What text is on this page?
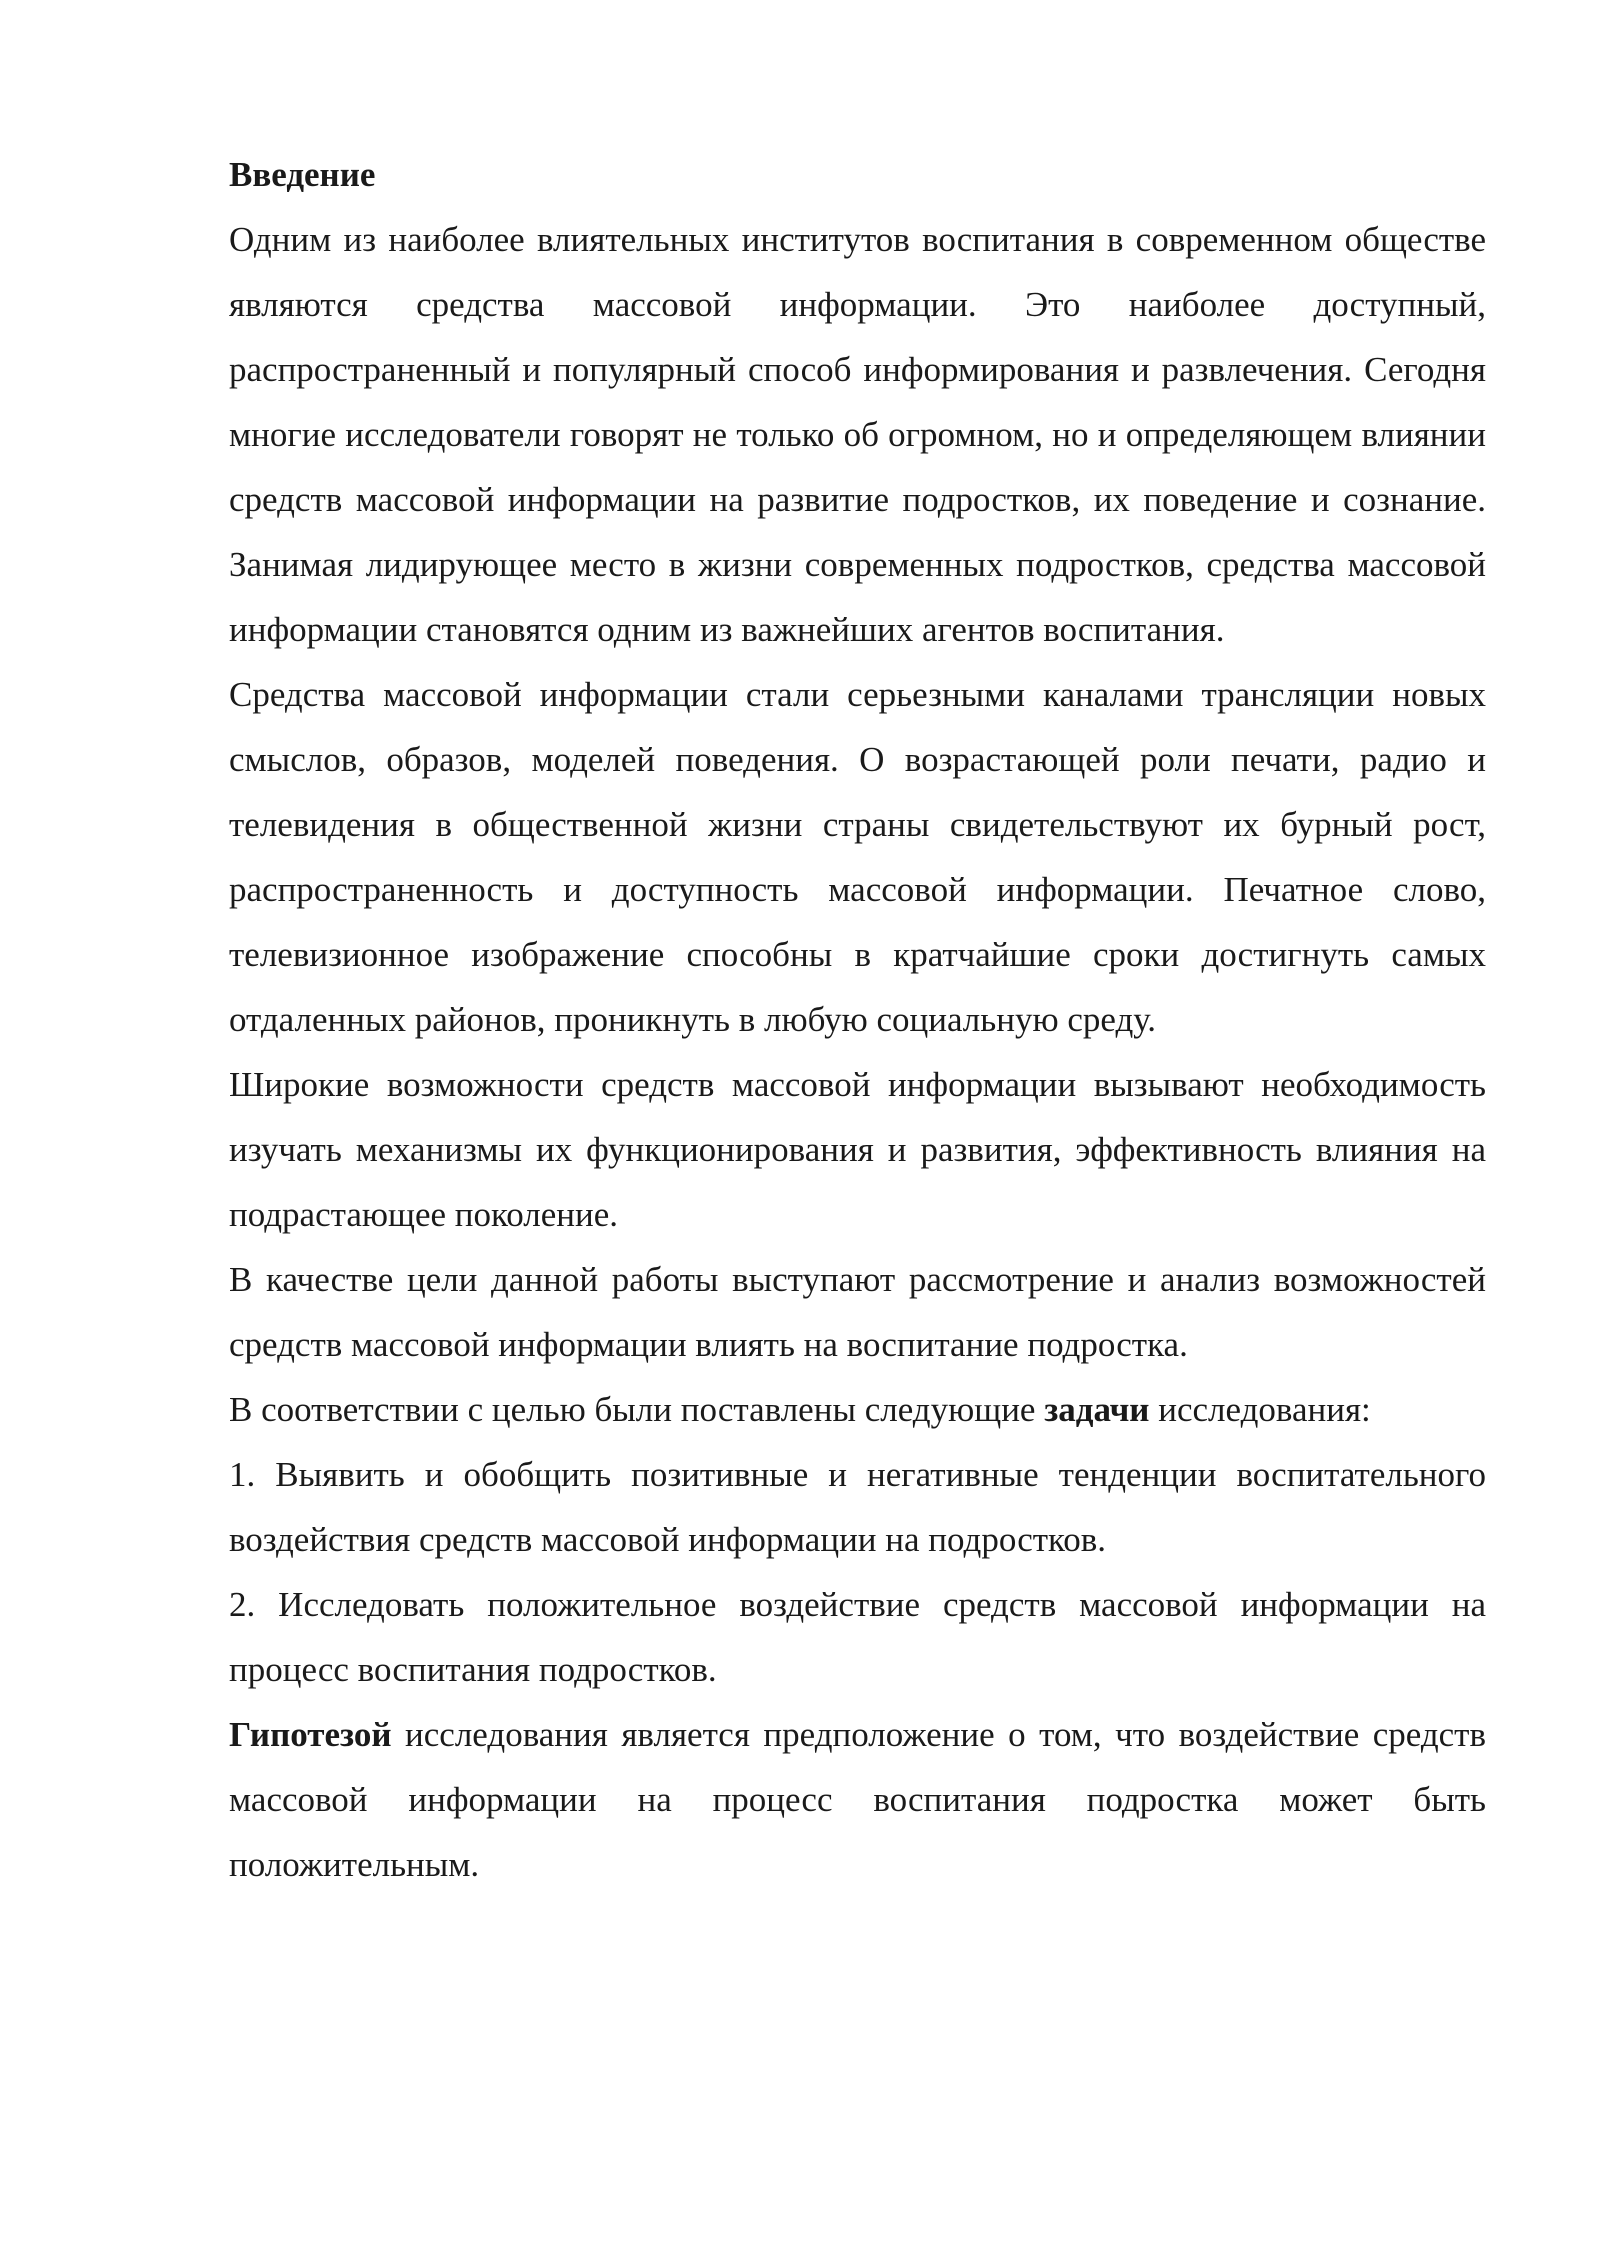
Введение

Одним из наиболее влиятельных институтов воспитания в современном обществе являются средства массовой информации. Это наиболее доступный, распространенный и популярный способ информирования и развлечения. Сегодня многие исследователи говорят не только об огромном, но и определяющем влиянии средств массовой информации на развитие подростков, их поведение и сознание. Занимая лидирующее место в жизни современных подростков, средства массовой информации становятся одним из важнейших агентов воспитания.

Средства массовой информации стали серьезными каналами трансляции новых смыслов, образов, моделей поведения. О возрастающей роли печати, радио и телевидения в общественной жизни страны свидетельствуют их бурный рост, распространенность и доступность массовой информации. Печатное слово, телевизионное изображение способны в кратчайшие сроки достигнуть самых отдаленных районов, проникнуть в любую социальную среду.

Широкие возможности средств массовой информации вызывают необходимость изучать механизмы их функционирования и развития, эффективность влияния на подрастающее поколение.

В качестве цели данной работы выступают рассмотрение и анализ возможностей средств массовой информации влиять на воспитание подростка.

В соответствии с целью были поставлены следующие задачи исследования:

1. Выявить и обобщить позитивные и негативные тенденции воспитательного воздействия средств массовой информации на подростков.

2. Исследовать положительное воздействие средств массовой информации на процесс воспитания подростков.

Гипотезой исследования является предположение о том, что воздействие средств массовой информации на процесс воспитания подростка может быть положительным.
